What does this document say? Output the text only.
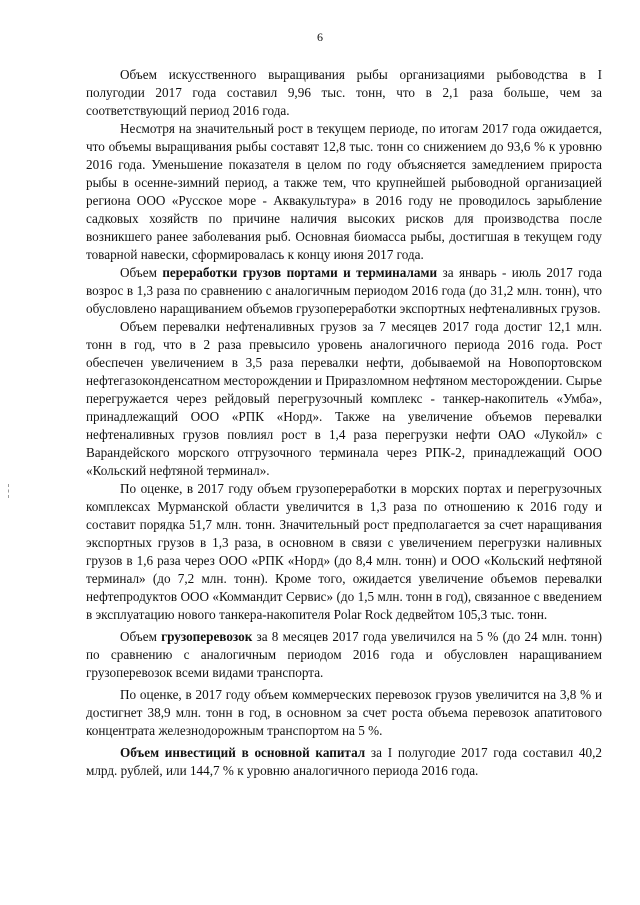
6

Объем искусственного выращивания рыбы организациями рыбоводства в I полугодии 2017 года составил 9,96 тыс. тонн, что в 2,1 раза больше, чем за соответствующий период 2016 года.

Несмотря на значительный рост в текущем периоде, по итогам 2017 года ожидается, что объемы выращивания рыбы составят 12,8 тыс. тонн со снижением до 93,6 % к уровню 2016 года. Уменьшение показателя в целом по году объясняется замедлением прироста рыбы в осенне-зимний период, а также тем, что крупнейшей рыбоводной организацией региона ООО «Русское море - Аквакультура» в 2016 году не проводилось зарыбление садковых хозяйств по причине наличия высоких рисков для производства после возникшего ранее заболевания рыб. Основная биомасса рыбы, достигшая в текущем году товарной навески, сформировалась к концу июня 2017 года.

Объем переработки грузов портами и терминалами за январь - июль 2017 года возрос в 1,3 раза по сравнению с аналогичным периодом 2016 года (до 31,2 млн. тонн), что обусловлено наращиванием объемов грузопереработки экспортных нефтеналивных грузов.

Объем перевалки нефтеналивных грузов за 7 месяцев 2017 года достиг 12,1 млн. тонн в год, что в 2 раза превысило уровень аналогичного периода 2016 года. Рост обеспечен увеличением в 3,5 раза перевалки нефти, добываемой на Новопортовском нефтегазоконденсатном месторождении и Приразломном нефтяном месторождении. Сырье перегружается через рейдовый перегрузочный комплекс - танкер-накопитель «Умба», принадлежащий ООО «РПК «Норд». Также на увеличение объемов перевалки нефтеналивных грузов повлиял рост в 1,4 раза перегрузки нефти ОАО «Лукойл» с Варандейского морского отгрузочного терминала через РПК-2, принадлежащий ООО «Кольский нефтяной терминал».

По оценке, в 2017 году объем грузопереработки в морских портах и перегрузочных комплексах Мурманской области увеличится в 1,3 раза по отношению к 2016 году и составит порядка 51,7 млн. тонн. Значительный рост предполагается за счет наращивания экспортных грузов в 1,3 раза, в основном в связи с увеличением перегрузки наливных грузов в 1,6 раза через ООО «РПК «Норд» (до 8,4 млн. тонн) и ООО «Кольский нефтяной терминал» (до 7,2 млн. тонн). Кроме того, ожидается увеличение объемов перевалки нефтепродуктов ООО «Коммандит Сервис» (до 1,5 млн. тонн в год), связанное с введением в эксплуатацию нового танкера-накопителя Polar Rock дедвейтом 105,3 тыс. тонн.

Объем грузоперевозок за 8 месяцев 2017 года увеличился на 5 % (до 24 млн. тонн) по сравнению с аналогичным периодом 2016 года и обусловлен наращиванием грузоперевозок всеми видами транспорта.

По оценке, в 2017 году объем коммерческих перевозок грузов увеличится на 3,8 % и достигнет 38,9 млн. тонн в год, в основном за счет роста объема перевозок апатитового концентрата железнодорожным транспортом на 5 %.

Объем инвестиций в основной капитал за I полугодие 2017 года составил 40,2 млрд. рублей, или 144,7 % к уровню аналогичного периода 2016 года.
